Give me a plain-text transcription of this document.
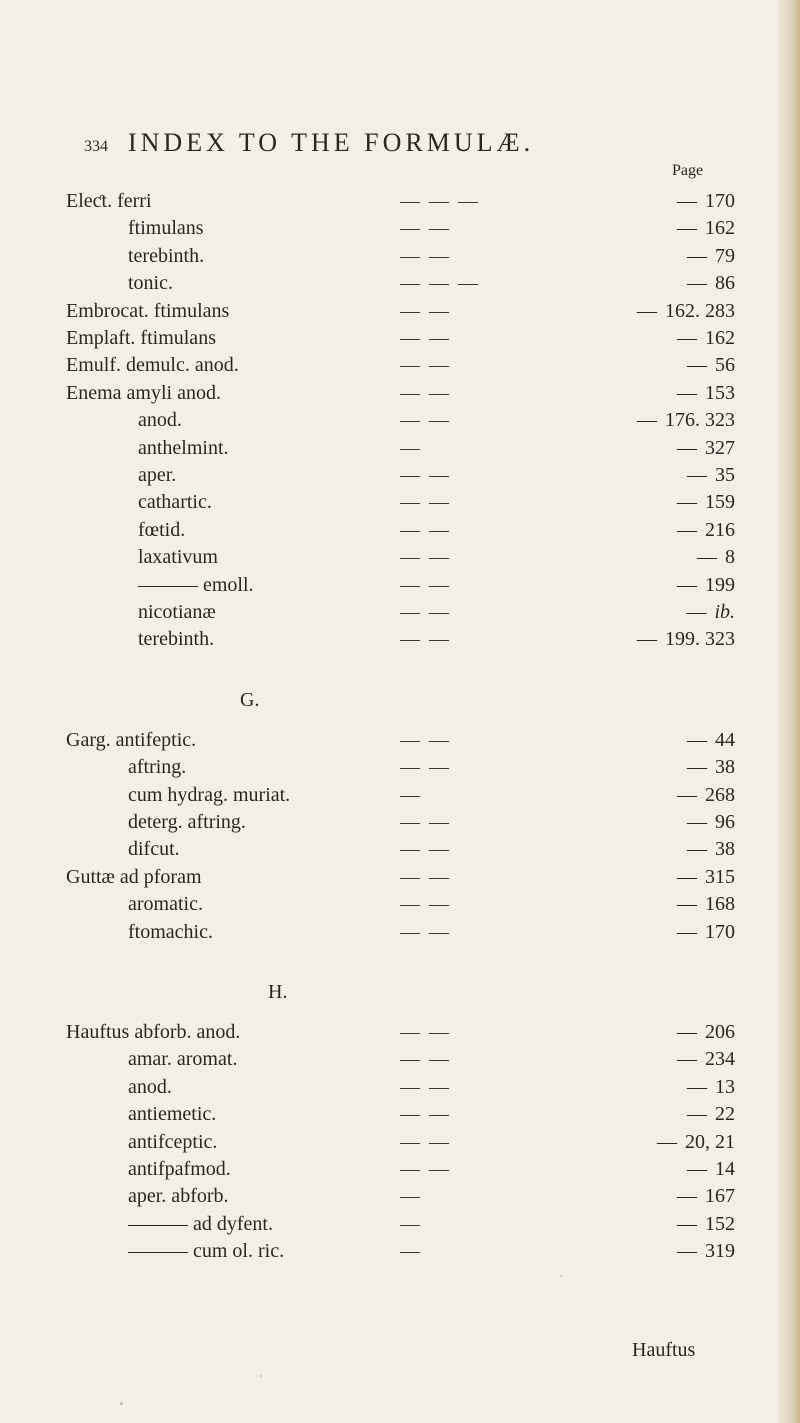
334 INDEX TO THE FORMULÆ.
Page
Eleƈt. ferri	— — —	— 170
ftimulans	— —	— 162
terebinth.	— —	— 79
tonic.	— — —	— 86
Embrocat. ftimulans	— —	— 162. 283
Emplaft. ftimulans	— —	— 162
Emulf. demulc. anod.	— —	— 56
Enema amyli anod.	— —	— 153
anod.	— —	— 176. 323
anthelmint.	—	— 327
aper.	— —	— 35
cathartic.	— —	— 159
fœtid.	— —	— 216
laxativum	— —	— 8
——— emoll.	— —	— 199
nicotianæ	— —	— ib.
terebinth.	— —	— 199. 323
G.
Garg. antifeptic.	— —	— 44
aftring.	— —	— 38
cum hydrag. muriat.	—	— 268
deterg. aftring.	— —	— 96
difcut.	— —	— 38
Guttæ ad pforam	— —	— 315
aromatic.	— —	— 168
ftomachic.	— —	— 170
H.
Hauftus abforb. anod.	— —	— 206
amar. aromat.	— —	— 234
anod.	— —	— 13
antiemetic.	— —	— 22
antifceptic.	— —	— 20, 21
antifpafmod.	— —	— 14
aper. abforb.	—	— 167
——— ad dyfent.	—	— 152
——— cum ol. ric.	—	— 319
Hauftus
